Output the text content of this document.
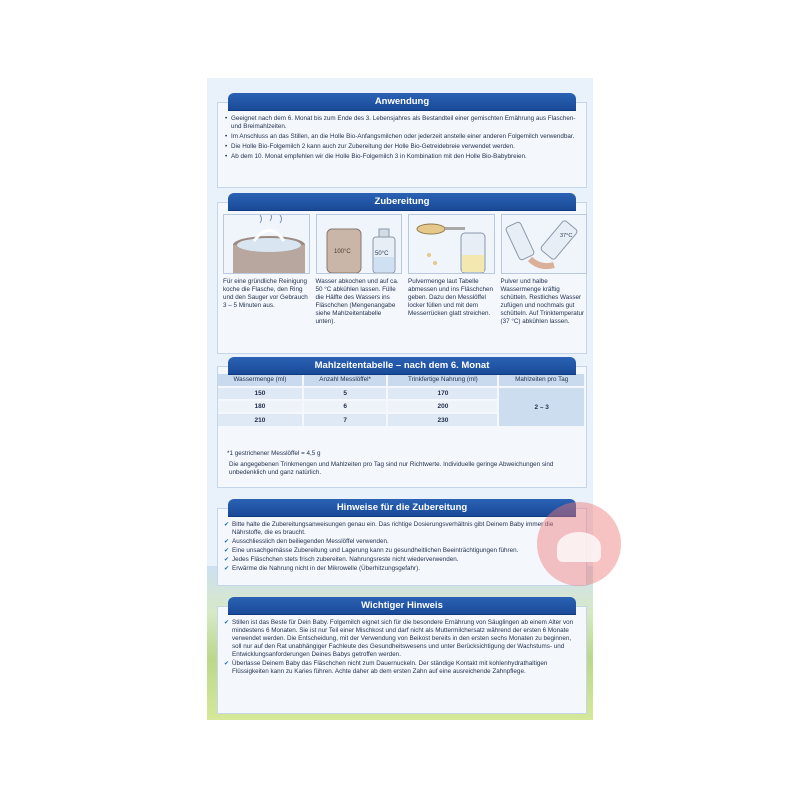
Anwendung
• Geeignet nach dem 6. Monat bis zum Ende des 3. Lebensjahres als Bestandteil einer gemischten Ernährung aus Flaschen- und Breimahlzeiten.
• Im Anschluss an das Stillen, an die Holle Bio-Anfangsmilchen oder jederzeit anstelle einer anderen Folgemilch verwendbar.
• Die Holle Bio-Folgemilch 2 kann auch zur Zubereitung der Holle Bio-Getreidebreie verwendet werden.
• Ab dem 10. Monat empfehlen wir die Holle Bio-Folgemilch 3 in Kombination mit den Holle Bio-Babybreien.
Zubereitung

Für eine gründliche Reinigung koche die Flasche, den Ring und den Sauger vor Gebrauch 3 – 5 Minuten aus.

100°C	50°C

Wasser abkochen und auf ca. 50 °C abkühlen lassen. Fülle die Hälfte des Wassers ins Fläschchen (Mengenangabe siehe Mahlzeitentabelle unten).

Pulvermenge laut Tabelle abmessen und ins Fläschchen geben. Dazu den Messlöffel locker füllen und mit dem Messerrücken glatt streichen.

37°C

Pulver und halbe Wassermenge kräftig schütteln. Restliches Wasser zufügen und nochmals gut schütteln. Auf Trinktemperatur (37 °C) abkühlen lassen.

Mahlzeitentabelle – nach dem 6. Monat
Wassermenge (ml)	Anzahl Messlöffel*	Trinkfertige Nahrung (ml)	Mahlzeiten pro Tag
150	5	170	2 – 3
180	6	200	
210	7	230	
*1 gestrichener Messlöffel = 4,5 g
Die angegebenen Trinkmengen und Mahlzeiten pro Tag sind nur Richtwerte. Individuelle geringe Abweichungen sind unbedenklich und ganz natürlich.
Hinweise für die Zubereitung
✔ Bitte halte die Zubereitungsanweisungen genau ein. Das richtige Dosierungsverhältnis gibt Deinem Baby immer die Nährstoffe, die es braucht.
✔ Ausschliesslich den beiliegenden Messlöffel verwenden.
✔ Eine unsachgemässe Zubereitung und Lagerung kann zu gesundheitlichen Beeinträchtigungen führen.
✔ Jedes Fläschchen stets frisch zubereiten. Nahrungsreste nicht wiederverwenden.
✔ Erwärme die Nahrung nicht in der Mikrowelle (Überhitzungsgefahr).
Wichtiger Hinweis
✔ Stillen ist das Beste für Dein Baby. Folgemilch eignet sich für die besondere Ernährung von Säuglingen ab einem Alter von mindestens 6 Monaten. Sie ist nur Teil einer Mischkost und darf nicht als Muttermilchersatz während der ersten 6 Monate verwendet werden. Die Entscheidung, mit der Verwendung von Beikost bereits in den ersten sechs Monaten zu beginnen, soll nur auf den Rat unabhängiger Fachleute des Gesundheitswesens und unter Berücksichtigung der Wachstums- und Entwicklungsanforderungen Deines Babys getroffen werden.
✔ Überlasse Deinem Baby das Fläschchen nicht zum Dauernuckeln. Der ständige Kontakt mit kohlenhydrathaltigen Flüssigkeiten kann zu Karies führen. Achte daher ab dem ersten Zahn auf eine ausreichende Zahnpflege.
